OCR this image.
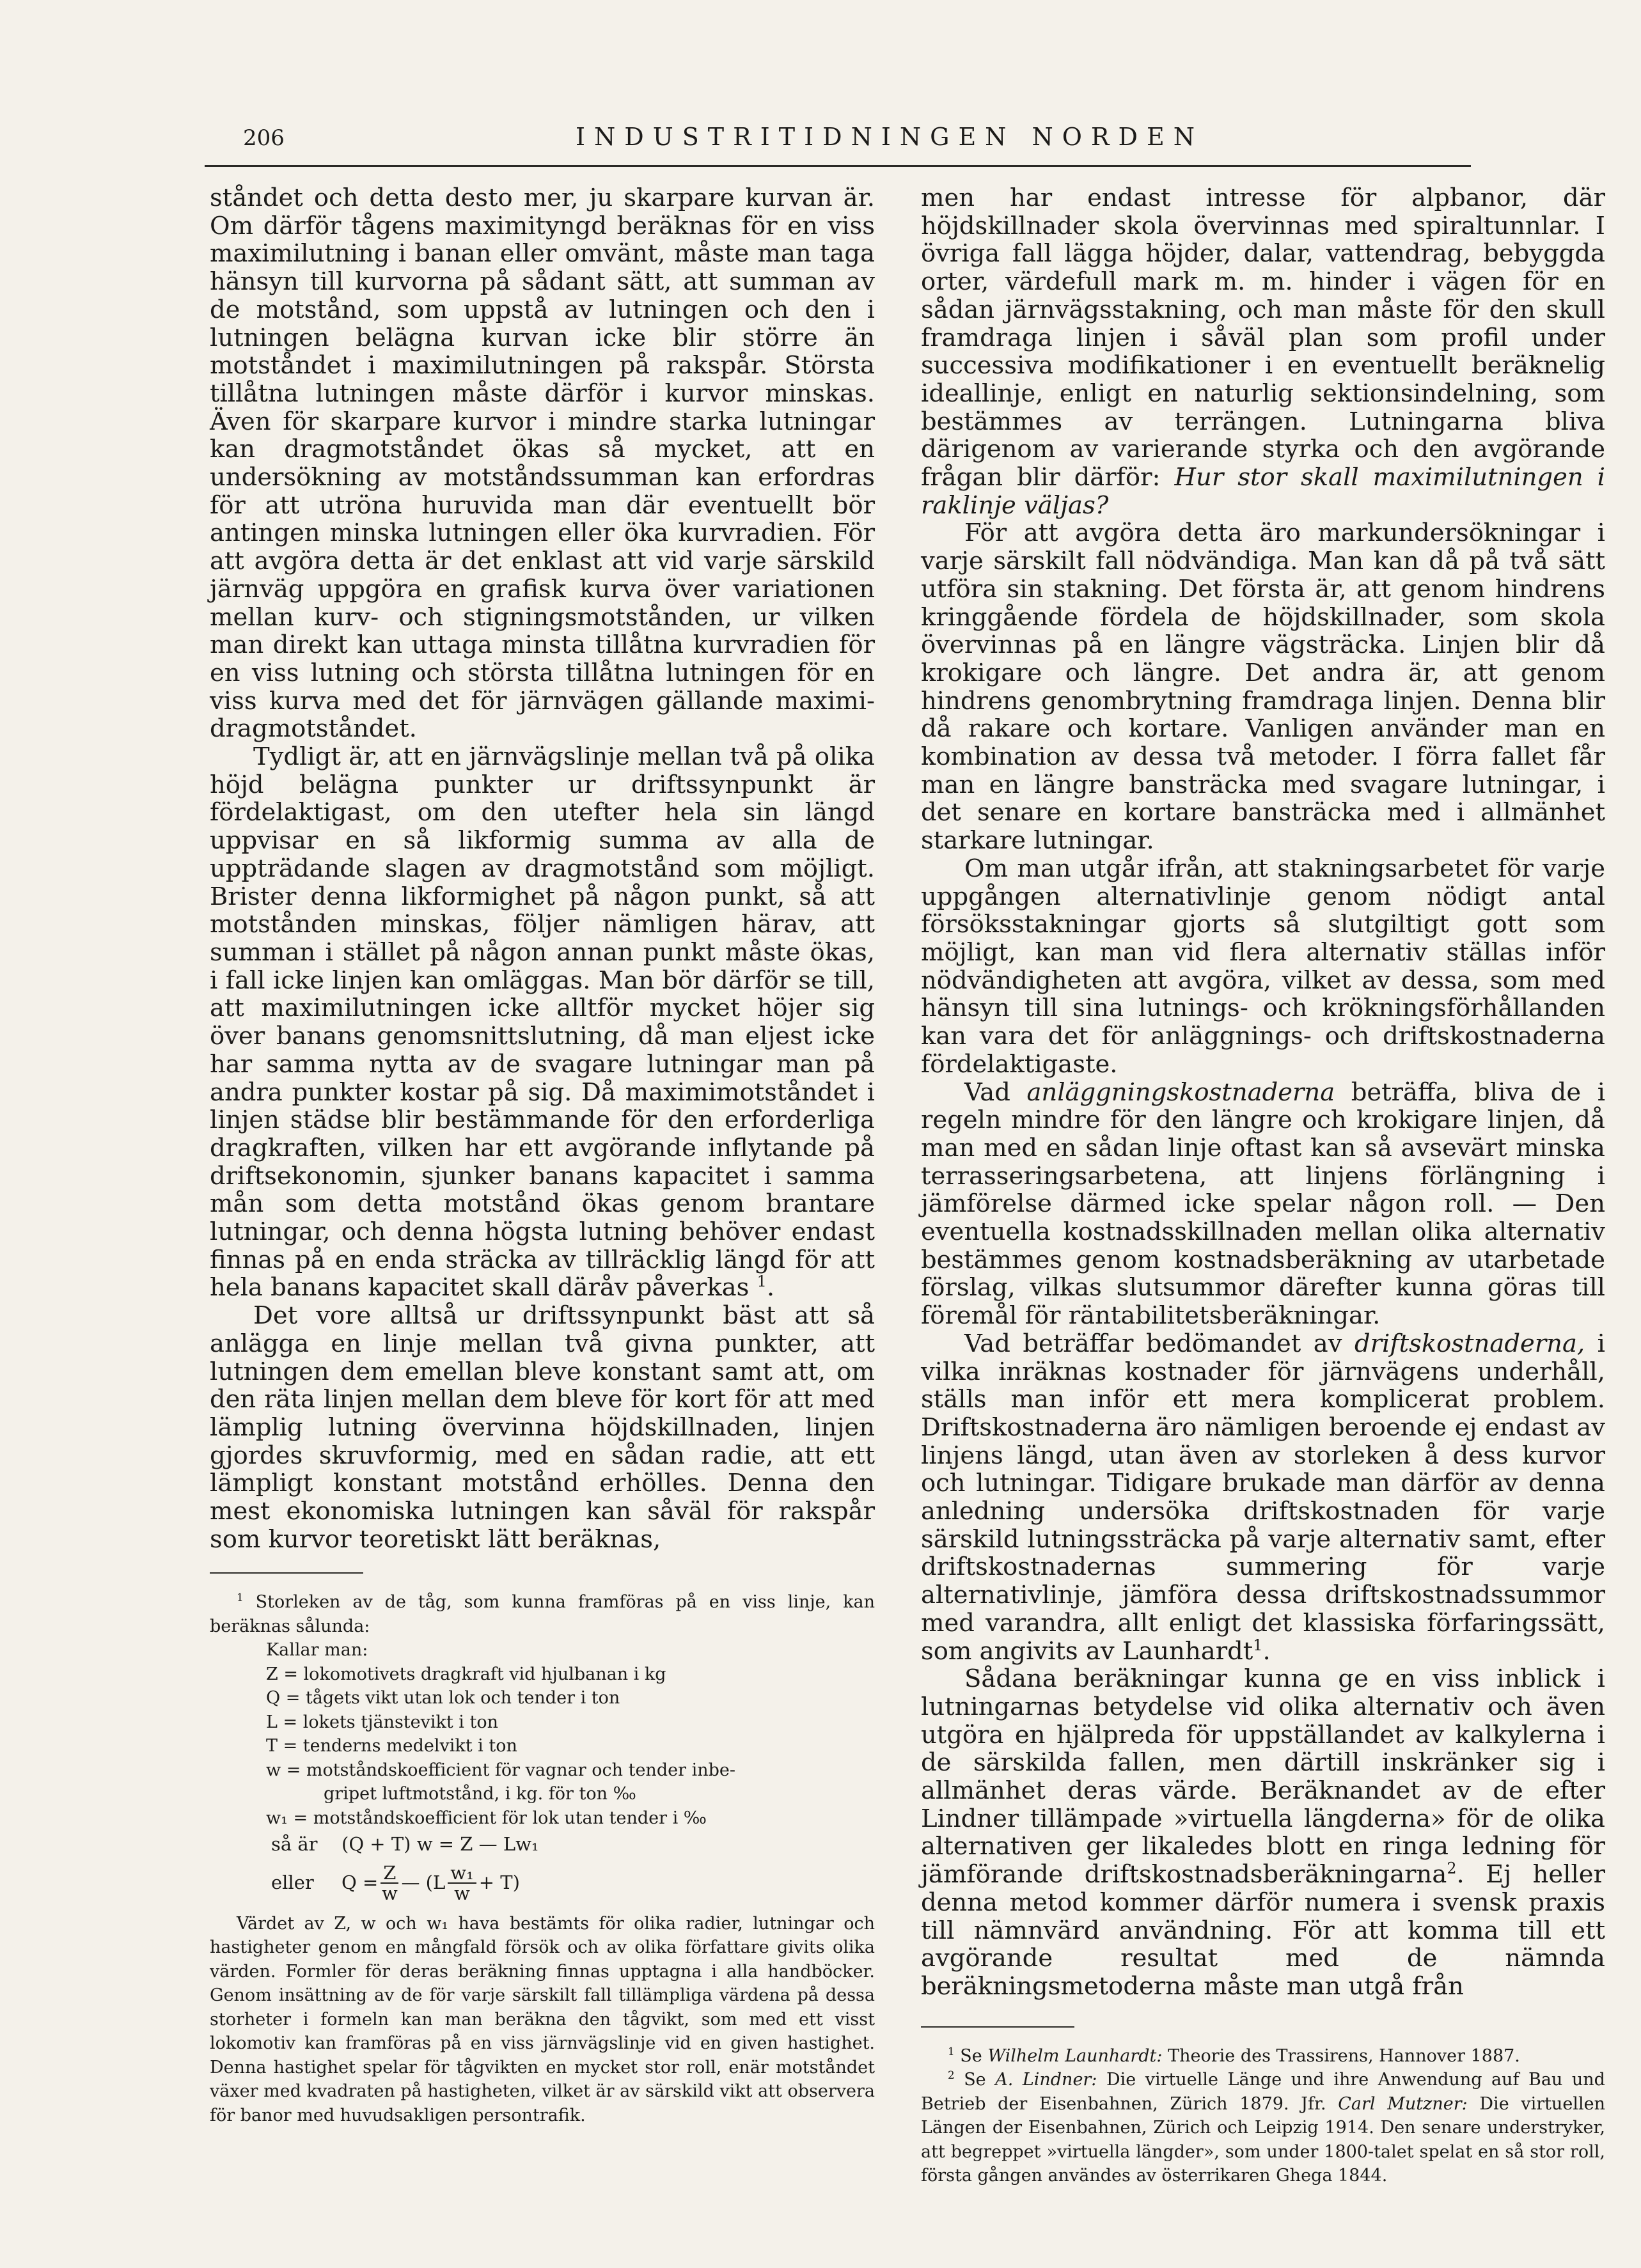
206	INDUSTRITIDNINGEN NORDEN

ståndet och detta desto mer, ju skarpare kurvan är. Om därför tågens maximityngd beräknas för en viss maximilutning i banan eller omvänt, måste man taga hänsyn till kurvorna på sådant sätt, att summan av de motstånd, som uppstå av lutningen och den i lutningen belägna kurvan icke blir större än motståndet i maximilutningen på rakspår. Största tillåtna lutningen måste därför i kurvor minskas. Även för skarpare kurvor i mindre starka lutningar kan dragmotståndet ökas så mycket, att en undersökning av motståndssumman kan erfordras för att utröna huruvida man där eventuellt bör antingen minska lutningen eller öka kurvradien. För att avgöra detta är det enklast att vid varje särskild järnväg uppgöra en grafisk kurva över variationen mellan kurv- och stigningsmotstånden, ur vilken man direkt kan uttaga minsta tillåtna kurvradien för en viss lutning och största tillåtna lutningen för en viss kurva med det för järnvägen gällande maximi-dragmotståndet.

Tydligt är, att en järnvägslinje mellan två på olika höjd belägna punkter ur driftssynpunkt är fördelaktigast, om den utefter hela sin längd uppvisar en så likformig summa av alla de uppträdande slagen av dragmotstånd som möjligt. Brister denna likformighet på någon punkt, så att motstånden minskas, följer nämligen härav, att summan i stället på någon annan punkt måste ökas, i fall icke linjen kan omläggas. Man bör därför se till, att maximilutningen icke alltför mycket höjer sig över banans genomsnittslutning, då man eljest icke har samma nytta av de svagare lutningar man på andra punkter kostar på sig. Då maximimotståndet i linjen städse blir bestämmande för den erforderliga dragkraften, vilken har ett avgörande inflytande på driftsekonomin, sjunker banans kapacitet i samma mån som detta motstånd ökas genom brantare lutningar, och denna högsta lutning behöver endast finnas på en enda sträcka av tillräcklig längd för att hela banans kapacitet skall däråv påverkas $^1$.

Det vore alltså ur driftssynpunkt bäst att så anlägga en linje mellan två givna punkter, att lutningen dem emellan bleve konstant samt att, om den räta linjen mellan dem bleve för kort för att med lämplig lutning övervinna höjdskillnaden, linjen gjordes skruvformig, med en sådan radie, att ett lämpligt konstant motstånd erhölles. Denna den mest ekonomiska lutningen kan såväl för rakspår som kurvor teoretiskt lätt beräknas,

$^1$ Storleken av de tåg, som kunna framföras på en viss linje, kan beräknas sålunda:

Kallar man:
Z = lokomotivets dragkraft vid hjulbanan i kg
Q = tågets vikt utan lok och tender i ton
L = lokets tjänstevikt i ton
T = tenderns medelvikt i ton
w = motståndskoefficient för vagnar och tender inbe-
gripet luftmotstånd, i kg. för ton ‰
w₁ = motståndskoefficient för lok utan tender i ‰
så är	(Q + T) w = Z — Lw₁
eller	$Q = \frac{Z}{w}$ — $(L \frac{\text{w₁}}{w} + T)$

Värdet av Z, w och w₁ hava bestämts för olika radier, lutningar och hastigheter genom en mångfald försök och av olika författare givits olika värden. Formler för deras beräkning finnas upptagna i alla handböcker. Genom insättning av de för varje särskilt fall tillämpliga värdena på dessa storheter i formeln kan man beräkna den tågvikt, som med ett visst lokomotiv kan framföras på en viss järnvägslinje vid en given hastighet. Denna hastighet spelar för tågvikten en mycket stor roll, enär motståndet växer med kvadraten på hastigheten, vilket är av särskild vikt att observera för banor med huvudsakligen persontrafik.

men har endast intresse för alpbanor, där höjdskillnader skola övervinnas med spiraltunnlar. I övriga fall lägga höjder, dalar, vattendrag, bebyggda orter, värdefull mark m. m. hinder i vägen för en sådan järnvägsstakning, och man måste för den skull framdraga linjen i såväl plan som profil under successiva modifikationer i en eventuellt beräknelig ideallinje, enligt en naturlig sektionsindelning, som bestämmes av terrängen. Lutningarna bliva därigenom av varierande styrka och den avgörande frågan blir därför: Hur stor skall maximilutningen i raklinje väljas?

För att avgöra detta äro markundersökningar i varje särskilt fall nödvändiga. Man kan då på två sätt utföra sin stakning. Det första är, att genom hindrens kringgående fördela de höjdskillnader, som skola övervinnas på en längre vägsträcka. Linjen blir då krokigare och längre. Det andra är, att genom hindrens genombrytning framdraga linjen. Denna blir då rakare och kortare. Vanligen använder man en kombination av dessa två metoder. I förra fallet får man en längre bansträcka med svagare lutningar, i det senare en kortare bansträcka med i allmänhet starkare lutningar.

Om man utgår ifrån, att stakningsarbetet för varje uppgången alternativlinje genom nödigt antal försöksstakningar gjorts så slutgiltigt gott som möjligt, kan man vid flera alternativ ställas inför nödvändigheten att avgöra, vilket av dessa, som med hänsyn till sina lutnings- och krökningsförhållanden kan vara det för anläggnings- och driftskostnaderna fördelaktigaste.

Vad anläggningskostnaderna beträffa, bliva de i regeln mindre för den längre och krokigare linjen, då man med en sådan linje oftast kan så avsevärt minska terrasseringsarbetena, att linjens förlängning i jämförelse därmed icke spelar någon roll. — Den eventuella kostnadsskillnaden mellan olika alternativ bestämmes genom kostnadsberäkning av utarbetade förslag, vilkas slutsummor därefter kunna göras till föremål för räntabilitetsberäkningar.

Vad beträffar bedömandet av driftskostnaderna, i vilka inräknas kostnader för järnvägens underhåll, ställs man inför ett mera komplicerat problem. Driftskostnaderna äro nämligen beroende ej endast av linjens längd, utan även av storleken å dess kurvor och lutningar. Tidigare brukade man därför av denna anledning undersöka driftskostnaden för varje särskild lutningssträcka på varje alternativ samt, efter driftskostnadernas summering för varje alternativlinje, jämföra dessa driftskostnadssummor med varandra, allt enligt det klassiska förfaringssätt, som angivits av Launhardt$^1$.

Sådana beräkningar kunna ge en viss inblick i lutningarnas betydelse vid olika alternativ och även utgöra en hjälpreda för uppställandet av kalkylerna i de särskilda fallen, men därtill inskränker sig i allmänhet deras värde. Beräknandet av de efter Lindner tillämpade »virtuella längderna» för de olika alternativen ger likaledes blott en ringa ledning för jämförande driftskostnadsberäkningarna$^2$. Ej heller denna metod kommer därför numera i svensk praxis till nämnvärd användning. För att komma till ett avgörande resultat med de nämnda beräkningsmetoderna måste man utgå från

$^1$ Se Wilhelm Launhardt: Theorie des Trassirens, Hannover 1887.

$^2$ Se A. Lindner: Die virtuelle Länge und ihre Anwendung auf Bau und Betrieb der Eisenbahnen, Zürich 1879. Jfr. Carl Mutzner: Die virtuellen Längen der Eisenbahnen, Zürich och Leipzig 1914. Den senare understryker, att begreppet »virtuella längder», som under 1800-talet spelat en så stor roll, första gången användes av österrikaren Ghega 1844.
